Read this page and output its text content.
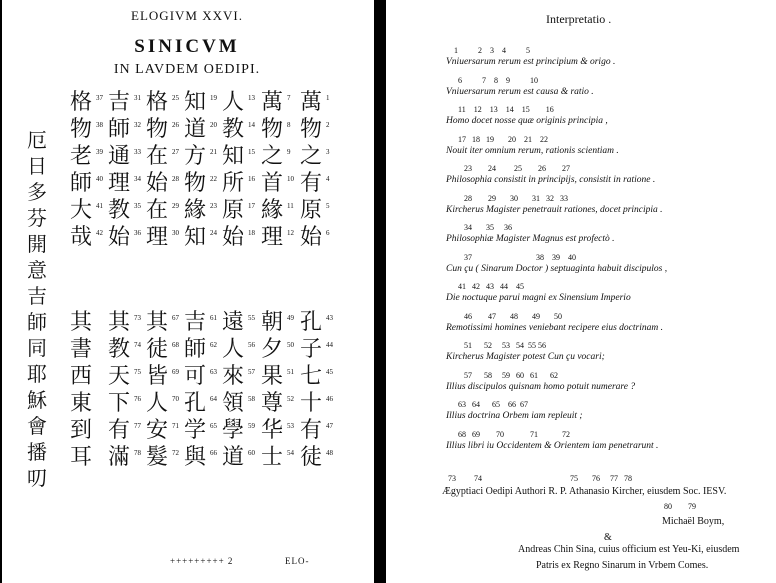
ELOGIVM XXVI.
SINICVM
IN LAVDEM OEDIPI.
1
2
3
4
5
6
萬
物
之
有
原
始
7
8
9
10
11
12
萬
物
之
首
緣
理
13
14
15
16
17
18
人
教
知
所
原
始
19
20
21
22
23
24
知
道
方
物
緣
知
25
26
27
28
29
30
格
物
在
始
在
理
31
32
33
34
35
36
吉
師
通
理
教
始
37
38
39
40
41
42
格
物
老
師
大
哉
43
44
45
46
47
48
孔
子
七
十
有
徒
49
50
51
52
53
54
朝
夕
果
尊
华
士
55
56
57
58
59
60
遠
人
來
領
學
道
61
62
63
64
65
66
吉
師
可
孔
学
與
67
68
69
70
71
72
其
徒
皆
人
安
髮
73
74
75
76
77
78
其
教
天
下
有
滿
其
書
西
東
到
耳
厄
日
多
芬
開
意
吉
師
同
耶
穌
會
播
叨
+++++++++ 2	ELO-
Interpretatio .
1          2    3    4          5
Vniuersarum rerum est principium & origo .
6          7    8    9          10
Vniuersarum rerum est causa & ratio .
11    12    13    14    15        16
Homo docet nosse quæ originis principia ,
17   18   19       20    21    22
Nouit iter omnium rerum, rationis scientiam .
23        24         25        26        27
Philosophia consistit in principijs, consistit in ratione .
28        29       30       31   32   33
Kircherus Magister penetrauit rationes, docet principia .
34       35     36
Philosophiæ Magister Magnus est profectò .
37                                38    39    40
Cun çu ( Sinarum Doctor ) septuaginta habuit discipulos ,
41   42   43   44    45
Die noctuque parui magni ex Sinensium Imperio
46        47       48       49       50
Remotissimi homines veniebant recipere eius doctrinam .
51      52     53   54  55 56
Kircherus Magister potest Cun çu vocari;
57      58     59   60   61      62
Illius discipulos quisnam homo potuit numerare ?
63   64      65    66  67
Illius doctrina Orbem iam repleuit ;
68   69        70             71            72
Illius libri iu Occidentem & Orientem iam penetrarunt .
73         74                                            75       76     77   78
Ægyptiaci Oedipi Authori R. P. Athanasio Kircher, eiusdem Soc. IESV.
80        79
Michaël Boym,
&
Andreas Chin Sina, cuius officium est Yeu-Ki, eiusdem
Patris ex Regno Sinarum in Vrbem Comes.
